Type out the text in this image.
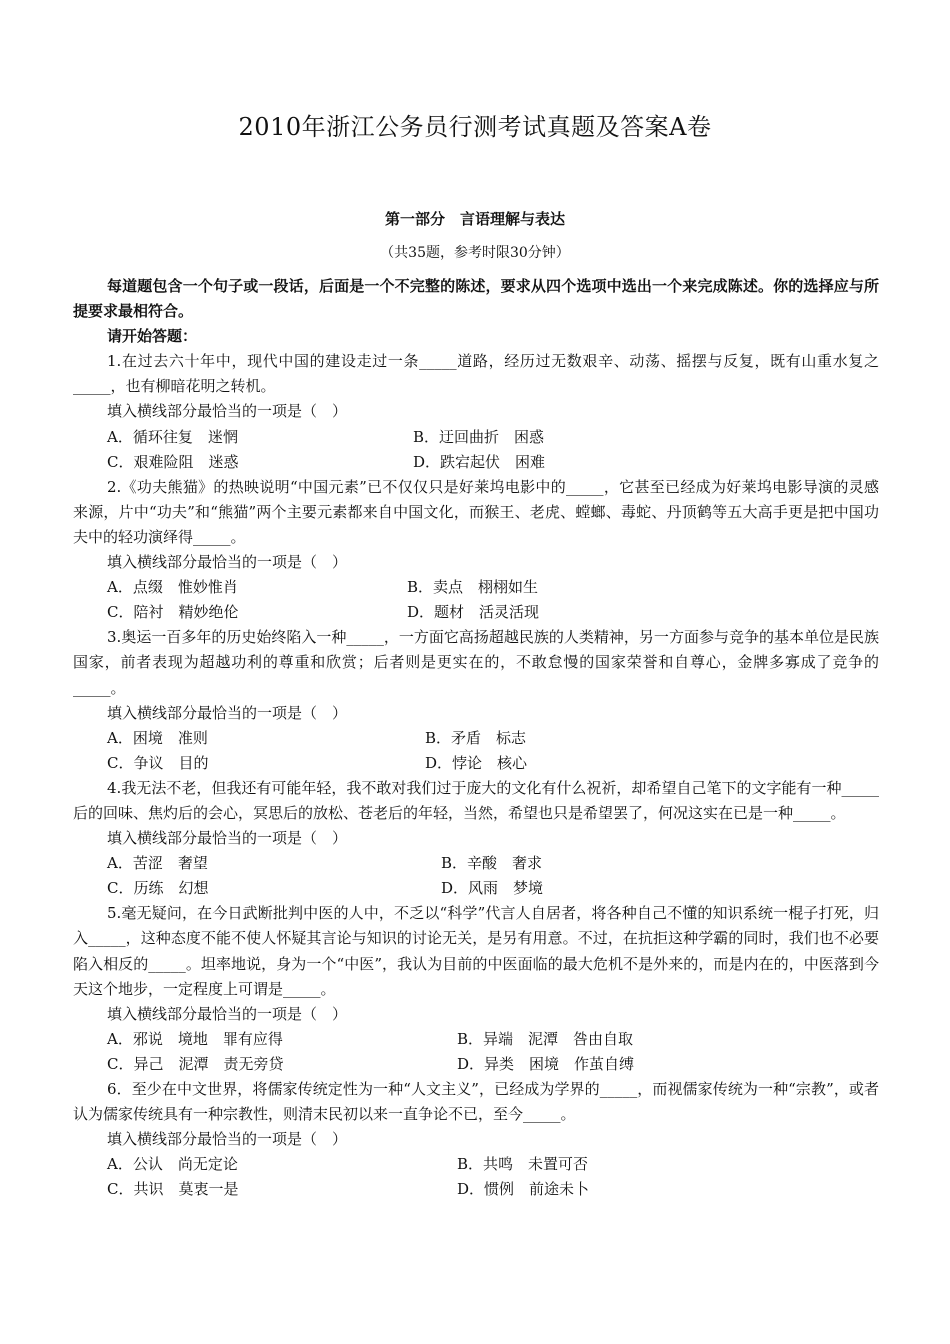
2010年浙江公务员行测考试真题及答案A卷
第一部分　言语理解与表达
（共35题，参考时限30分钟）

每道题包含一个句子或一段话，后面是一个不完整的陈述，要求从四个选项中选出一个来完成陈述。你的选择应与所提要求最相符合。

请开始答题：

1.在过去六十年中，现代中国的建设走过一条_____道路，经历过无数艰辛、动荡、摇摆与反复，既有山重水复之_____，也有柳暗花明之转机。

填入横线部分最恰当的一项是（　）

A．循环往复　迷惘	B．迂回曲折　困惑
C．艰难险阻　迷惑	D．跌宕起伏　困难

2.《功夫熊猫》的热映说明“中国元素”已不仅仅只是好莱坞电影中的_____，它甚至已经成为好莱坞电影导演的灵感来源，片中“功夫”和“熊猫”两个主要元素都来自中国文化，而猴王、老虎、螳螂、毒蛇、丹顶鹤等五大高手更是把中国功夫中的轻功演绎得_____。

填入横线部分最恰当的一项是（　）

A．点缀　惟妙惟肖	B．卖点　栩栩如生
C．陪衬　精妙绝伦	D．题材　活灵活现

3.奥运一百多年的历史始终陷入一种_____，一方面它高扬超越民族的人类精神，另一方面参与竞争的基本单位是民族国家，前者表现为超越功利的尊重和欣赏；后者则是更实在的，不敢怠慢的国家荣誉和自尊心，金牌多寡成了竞争的_____。

填入横线部分最恰当的一项是（　）

A．困境　准则	B．矛盾　标志
C．争议　目的	D．悖论　核心

4.我无法不老，但我还有可能年轻，我不敢对我们过于庞大的文化有什么祝祈，却希望自己笔下的文字能有一种_____后的回味、焦灼后的会心，冥思后的放松、苍老后的年轻，当然，希望也只是希望罢了，何况这实在已是一种_____。

填入横线部分最恰当的一项是（　）

A．苦涩　奢望	B．辛酸　奢求
C．历练　幻想	D．风雨　梦境

5.毫无疑问，在今日武断批判中医的人中，不乏以“科学”代言人自居者，将各种自己不懂的知识系统一棍子打死，归入_____，这种态度不能不使人怀疑其言论与知识的讨论无关，是另有用意。不过，在抗拒这种学霸的同时，我们也不必要陷入相反的_____。坦率地说，身为一个“中医”，我认为目前的中医面临的最大危机不是外来的，而是内在的，中医落到今天这个地步，一定程度上可谓是_____。

填入横线部分最恰当的一项是（　）

A．邪说　境地　罪有应得	B．异端　泥潭　咎由自取
C．异己　泥潭　责无旁贷	D．异类　困境　作茧自缚

6．至少在中文世界，将儒家传统定性为一种“人文主义”，已经成为学界的_____，而视儒家传统为一种“宗教”，或者认为儒家传统具有一种宗教性，则清末民初以来一直争论不已，至今_____。

填入横线部分最恰当的一项是（　）

A．公认　尚无定论	B．共鸣　未置可否
C．共识　莫衷一是	D．惯例　前途未卜
